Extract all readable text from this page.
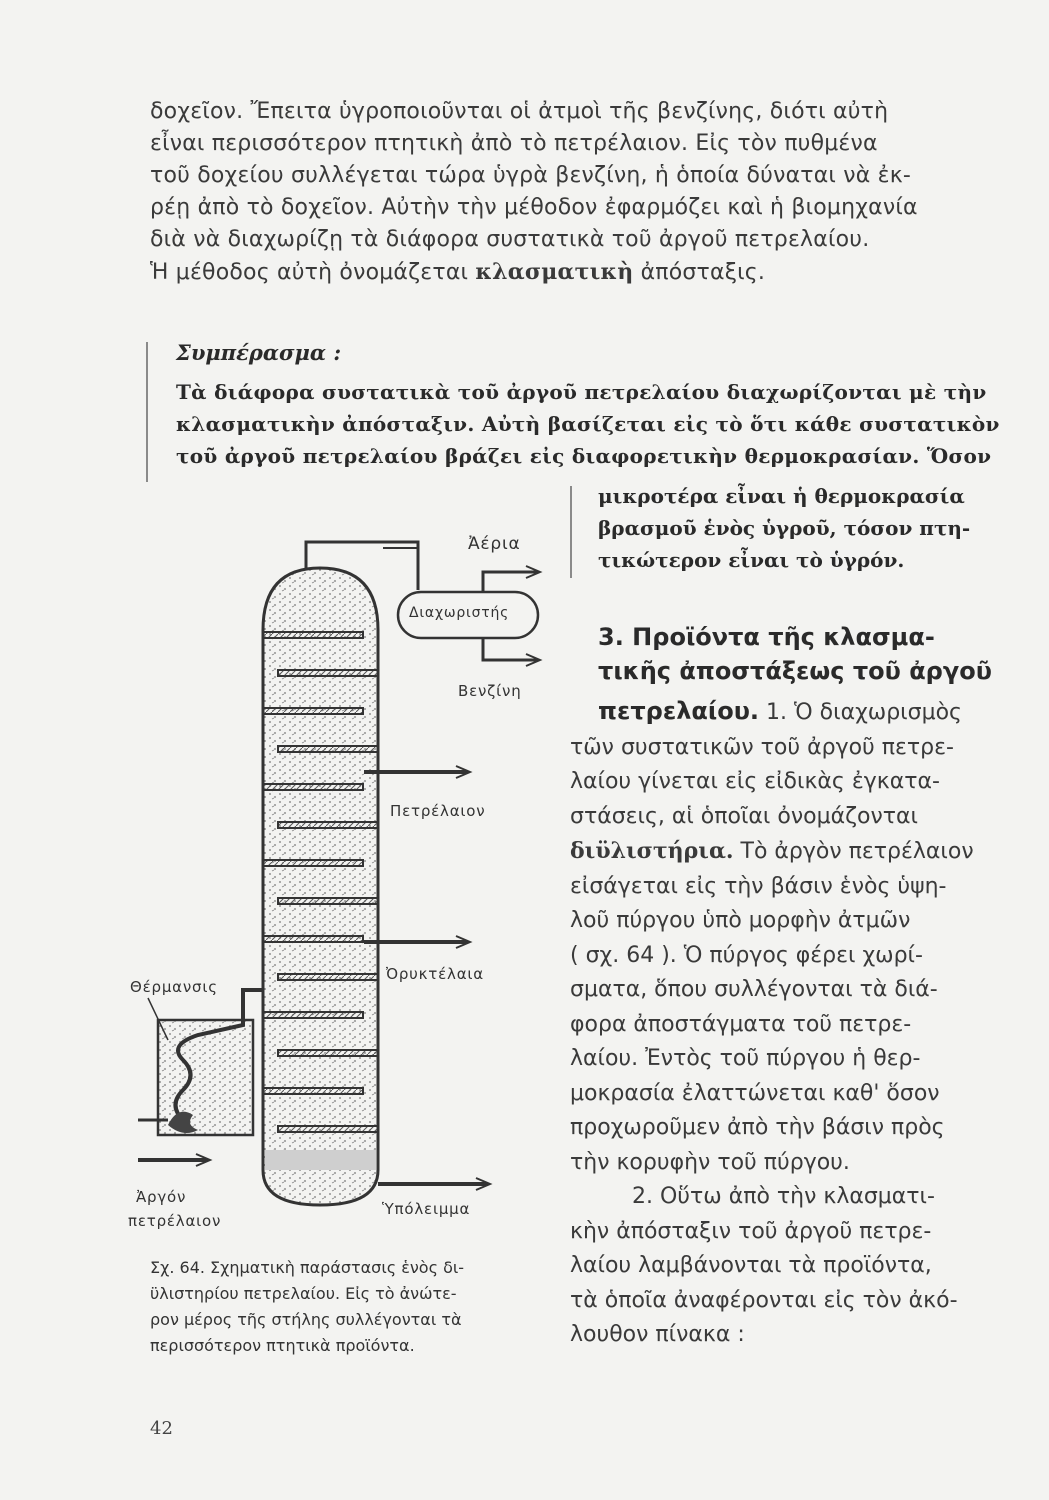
δοχεῖον. Ἔπειτα ὑγροποιοῦνται οἱ ἀτμοὶ τῆς βενζίνης, διότι αὐτὴ
εἶναι περισσότερον πτητικὴ ἀπὸ τὸ πετρέλαιον. Εἰς τὸν πυθμένα
τοῦ δοχείου συλλέγεται τώρα ὑγρὰ βενζίνη, ἡ ὁποία δύναται νὰ ἐκ-
ρέῃ ἀπὸ τὸ δοχεῖον. Αὐτὴν τὴν μέθοδον ἐφαρμόζει καὶ ἡ βιομηχανία
διὰ νὰ διαχωρίζῃ τὰ διάφορα συστατικὰ τοῦ ἀργοῦ πετρελαίου.
Ἡ μέθοδος αὐτὴ ὀνομάζεται κλασματικὴ ἀπόσταξις.
Συμπέρασμα :
Τὰ διάφορα συστατικὰ τοῦ ἀργοῦ πετρελαίου διαχωρίζονται μὲ τὴν
κλασματικὴν ἀπόσταξιν. Αὐτὴ βασίζεται εἰς τὸ ὅτι κάθε συστατικὸν
τοῦ ἀργοῦ πετρελαίου βράζει εἰς διαφορετικὴν θερμοκρασίαν. Ὅσον
μικροτέρα εἶναι ἡ θερμοκρασία
βρασμοῦ ἑνὸς ὑγροῦ, τόσον πτη-
τικώτερον εἶναι τὸ ὑγρόν.
3. Προϊόντα τῆς κλασμα-
τικῆς ἀποστάξεως τοῦ ἀργοῦ
πετρελαίου. 1. Ὁ διαχωρισμὸς
τῶν συστατικῶν τοῦ ἀργοῦ πετρε-
λαίου γίνεται εἰς εἰδικὰς ἐγκατα-
στάσεις, αἱ ὁποῖαι ὀνομάζονται
διϋλιστήρια. Τὸ ἀργὸν πετρέλαιον
εἰσάγεται εἰς τὴν βάσιν ἑνὸς ὑψη-
λοῦ πύργου ὑπὸ μορφὴν ἀτμῶν
( σχ. 64 ). Ὁ πύργος φέρει χωρί-
σματα, ὅπου συλλέγονται τὰ διά-
φορα ἀποστάγματα τοῦ πετρε-
λαίου. Ἐντὸς τοῦ πύργου ἡ θερ-
μοκρασία ἐλαττώνεται καθ' ὅσον
προχωροῦμεν ἀπὸ τὴν βάσιν πρὸς
τὴν κορυφὴν τοῦ πύργου.
2. Οὕτω ἀπὸ τὴν κλασματι-
κὴν ἀπόσταξιν τοῦ ἀργοῦ πετρε-
λαίου λαμβάνονται τὰ προϊόντα,
τὰ ὁποῖα ἀναφέρονται εἰς τὸν ἀκό-
λουθον πίνακα :
Ἀέρια
Διαχωριστής
Βενζίνη
Πετρέλαιον
Ὀρυκτέλαια
Θέρμανσις
Ἀργόν
πετρέλαιον
Ὑπόλειμμα
Σχ. 64. Σχηματικὴ παράστασις ἑνὸς δι-
ϋλιστηρίου πετρελαίου. Εἰς τὸ ἀνώτε-
ρον μέρος τῆς στήλης συλλέγονται τὰ
περισσότερον πτητικὰ προϊόντα.
42
